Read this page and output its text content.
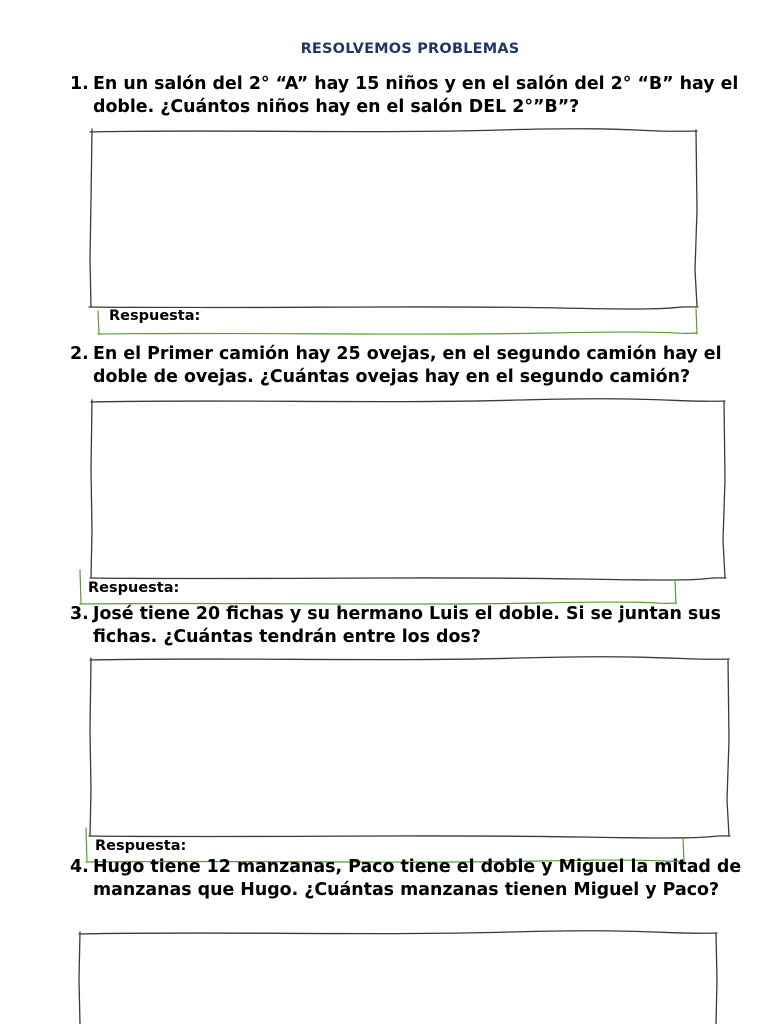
RESOLVEMOS PROBLEMAS
1. En un salón del 2° “A” hay 15 niños y en el salón del 2° “B” hay el doble. ¿Cuántos niños hay en el salón DEL 2°”B”?
Respuesta:
2. En el Primer camión hay 25 ovejas, en el segundo camión hay el doble de ovejas. ¿Cuántas ovejas hay en el segundo camión?
Respuesta:
3. José tiene 20 fichas y su hermano Luis el doble. Si se juntan sus fichas. ¿Cuántas tendrán entre los dos?
Respuesta:
4. Hugo tiene 12 manzanas, Paco tiene el doble y Miguel la mitad de manzanas que Hugo. ¿Cuántas manzanas tienen Miguel y Paco?
